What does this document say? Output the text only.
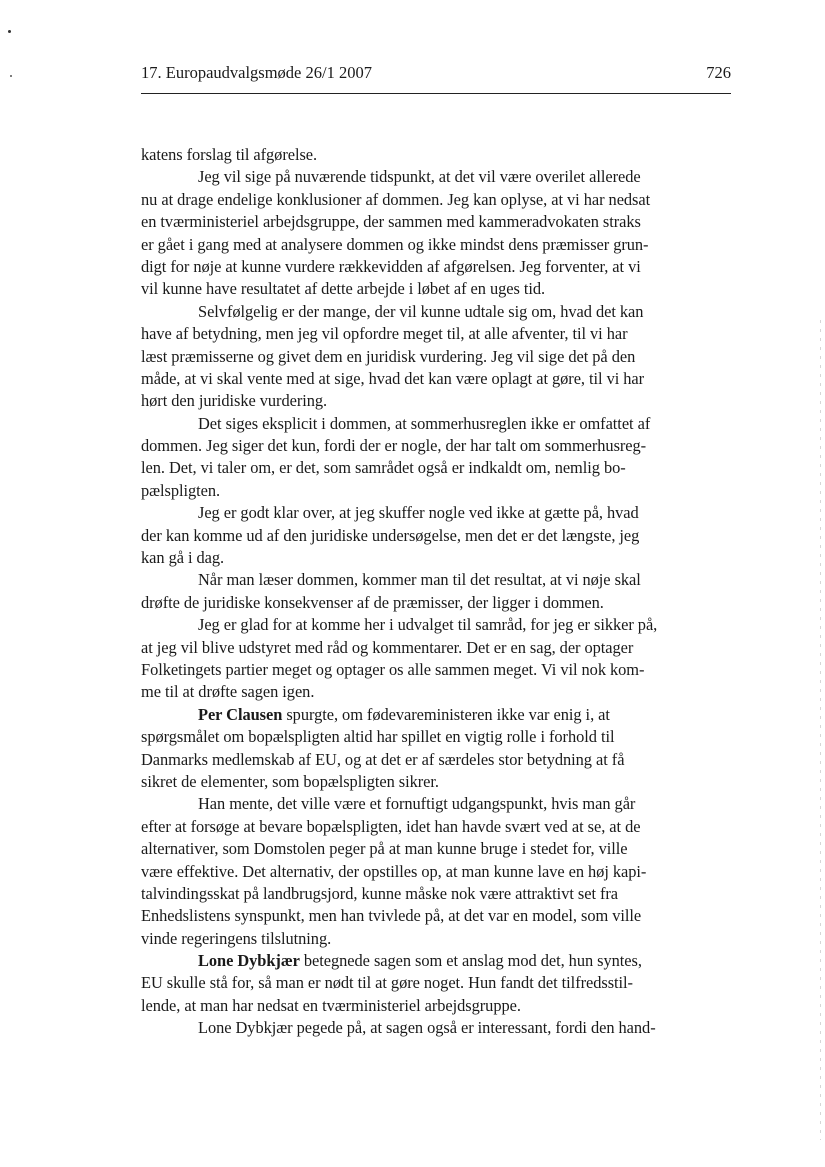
17. Europaudvalgsmøde 26/1 2007	726
katens forslag til afgørelse.
Jeg vil sige på nuværende tidspunkt, at det vil være overilet allerede
nu at drage endelige konklusioner af dommen. Jeg kan oplyse, at vi har nedsat
en tværministeriel arbejdsgruppe, der sammen med kammeradvokaten straks
er gået i gang med at analysere dommen og ikke mindst dens præmisser grun-
digt for nøje at kunne vurdere rækkevidden af afgørelsen. Jeg forventer, at vi
vil kunne have resultatet af dette arbejde i løbet af en uges tid.
Selvfølgelig er der mange, der vil kunne udtale sig om, hvad det kan
have af betydning, men jeg vil opfordre meget til, at alle afventer, til vi har
læst præmisserne og givet dem en juridisk vurdering. Jeg vil sige det på den
måde, at vi skal vente med at sige, hvad det kan være oplagt at gøre, til vi har
hørt den juridiske vurdering.
Det siges eksplicit i dommen, at sommerhusreglen ikke er omfattet af
dommen. Jeg siger det kun, fordi der er nogle, der har talt om sommerhusreg-
len. Det, vi taler om, er det, som samrådet også er indkaldt om, nemlig bo-
pælspligten.
Jeg er godt klar over, at jeg skuffer nogle ved ikke at gætte på, hvad
der kan komme ud af den juridiske undersøgelse, men det er det længste, jeg
kan gå i dag.
Når man læser dommen, kommer man til det resultat, at vi nøje skal
drøfte de juridiske konsekvenser af de præmisser, der ligger i dommen.
Jeg er glad for at komme her i udvalget til samråd, for jeg er sikker på,
at jeg vil blive udstyret med råd og kommentarer. Det er en sag, der optager
Folketingets partier meget og optager os alle sammen meget. Vi vil nok kom-
me til at drøfte sagen igen.
Per Clausen spurgte, om fødevareministeren ikke var enig i, at
spørgsmålet om bopælspligten altid har spillet en vigtig rolle i forhold til
Danmarks medlemskab af EU, og at det er af særdeles stor betydning at få
sikret de elementer, som bopælspligten sikrer.
Han mente, det ville være et fornuftigt udgangspunkt, hvis man går
efter at forsøge at bevare bopælspligten, idet han havde svært ved at se, at de
alternativer, som Domstolen peger på at man kunne bruge i stedet for, ville
være effektive. Det alternativ, der opstilles op, at man kunne lave en høj kapi-
talvindingsskat på landbrugsjord, kunne måske nok være attraktivt set fra
Enhedslistens synspunkt, men han tvivlede på, at det var en model, som ville
vinde regeringens tilslutning.
Lone Dybkjær betegnede sagen som et anslag mod det, hun syntes,
EU skulle stå for, så man er nødt til at gøre noget. Hun fandt det tilfredsstil-
lende, at man har nedsat en tværministeriel arbejdsgruppe.
Lone Dybkjær pegede på, at sagen også er interessant, fordi den hand-
